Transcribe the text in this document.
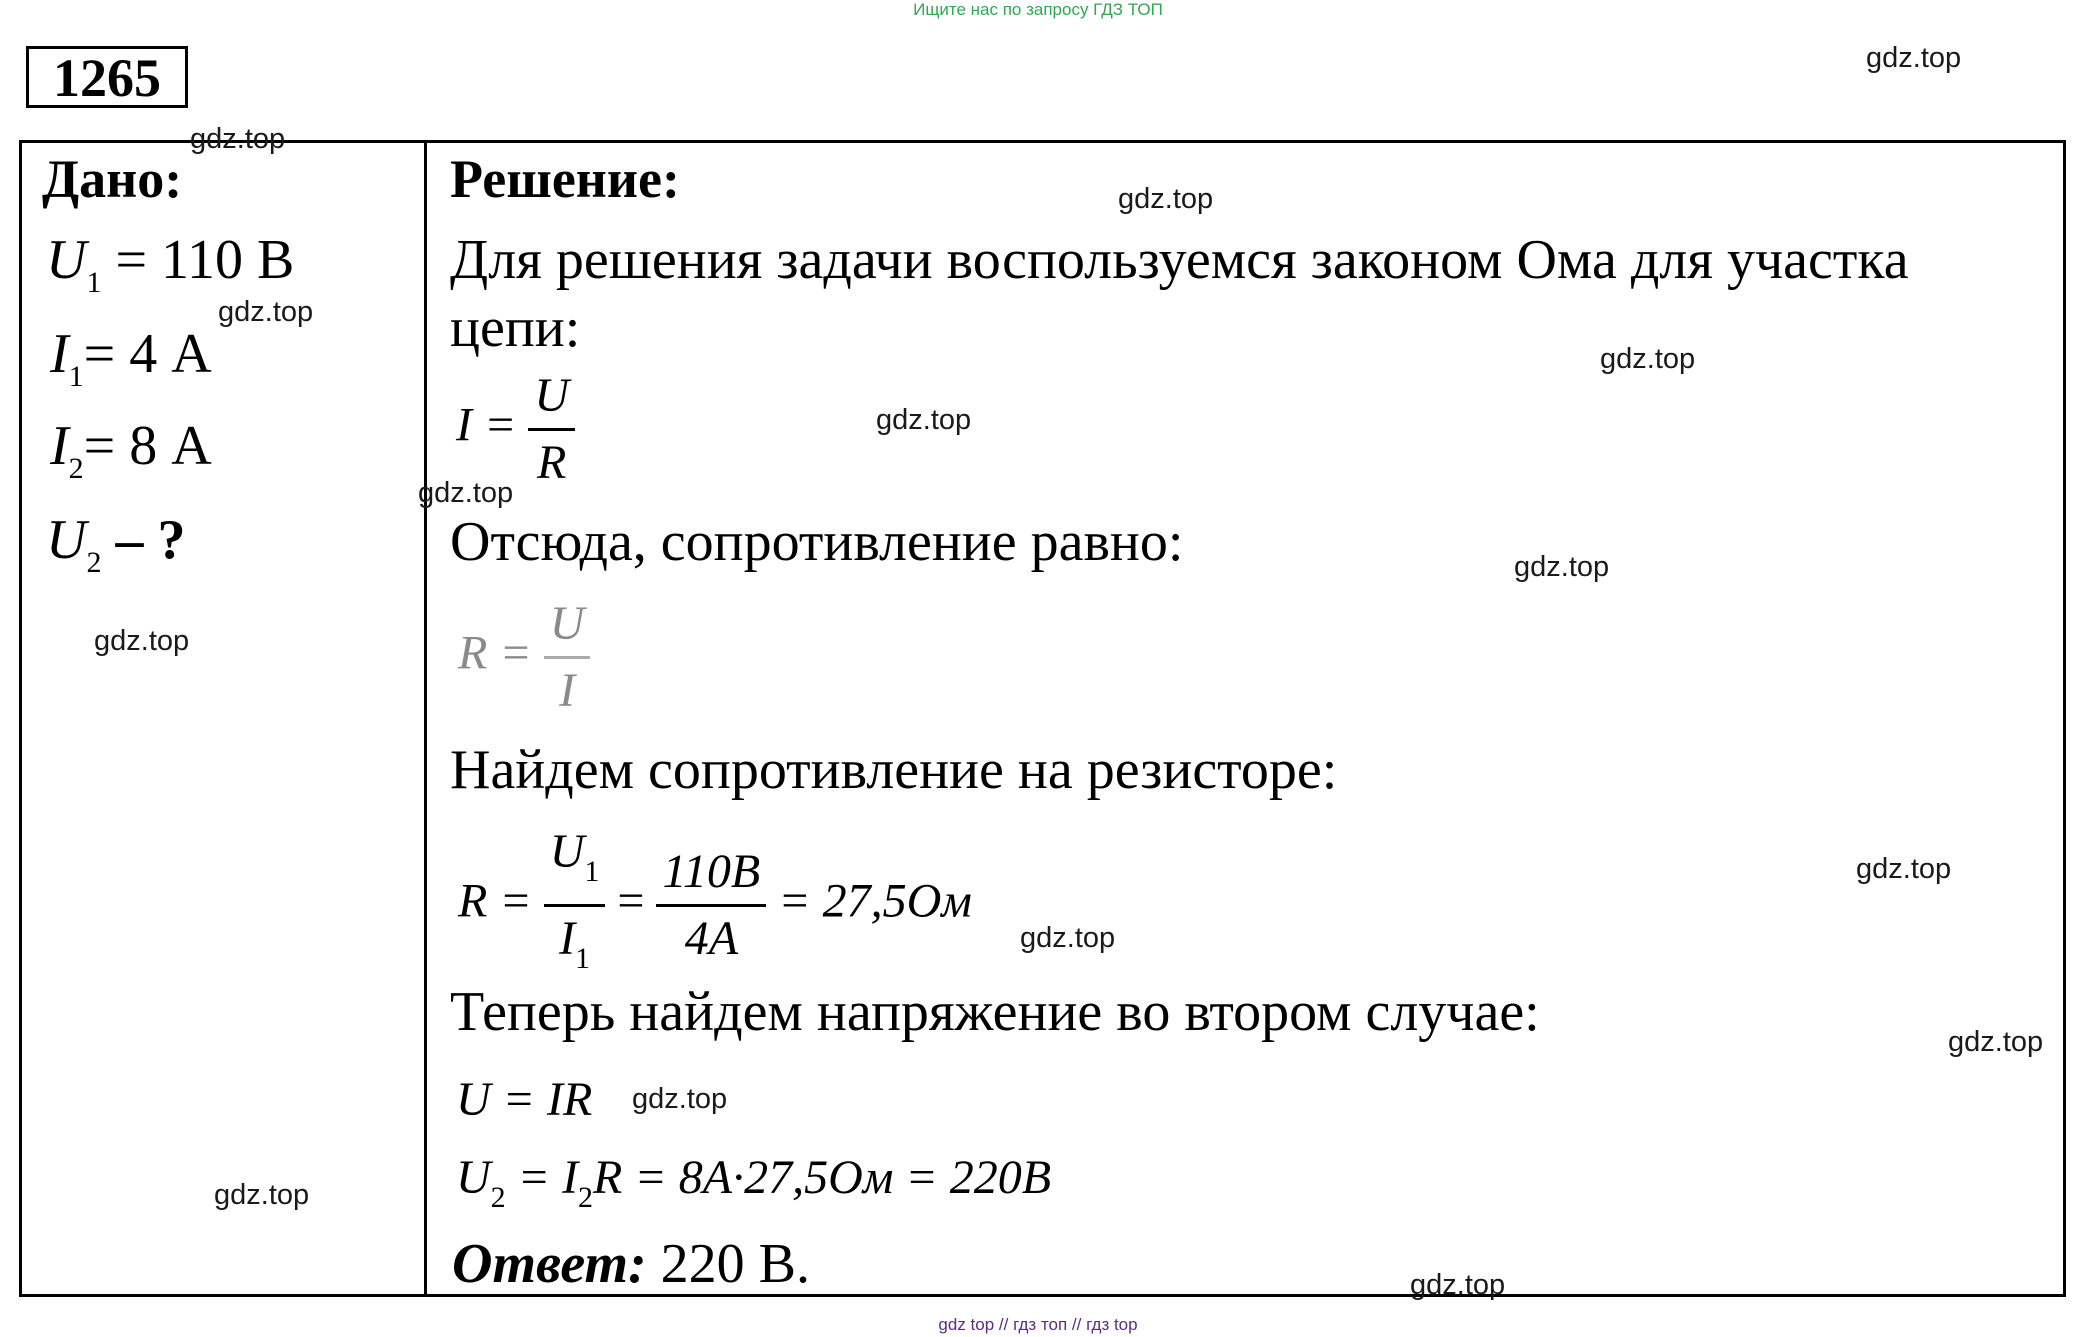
Ищите нас по запросу ГДЗ ТОП
1265
Дано:
$U_1 = 110$ В
$I_1= 4$ А
$I_2= 8$ А
$U_2$ – ?
Решение:
Для решения задачи воспользуемся законом Ома для участка
цепи:
$I = \frac{U}{R}$
Отсюда, сопротивление равно:
$R = \frac{U}{I}$
Найдем сопротивление на резисторе:
$R = \frac{U_1}{I_1} = \frac{110B}{4A} = 27,5Ом$
Теперь найдем напряжение во втором случае:
U = IR
$U_2 = I_2R = 8A\cdot 27,5Ом = 220B$
Ответ: 220 В.
gdz.top
gdz.top
gdz.top
gdz.top
gdz.top
gdz.top
gdz.top
gdz.top
gdz.top
gdz.top
gdz.top
gdz.top
gdz.top
gdz.top
gdz.top
gdz top // гдз топ // гдз top
